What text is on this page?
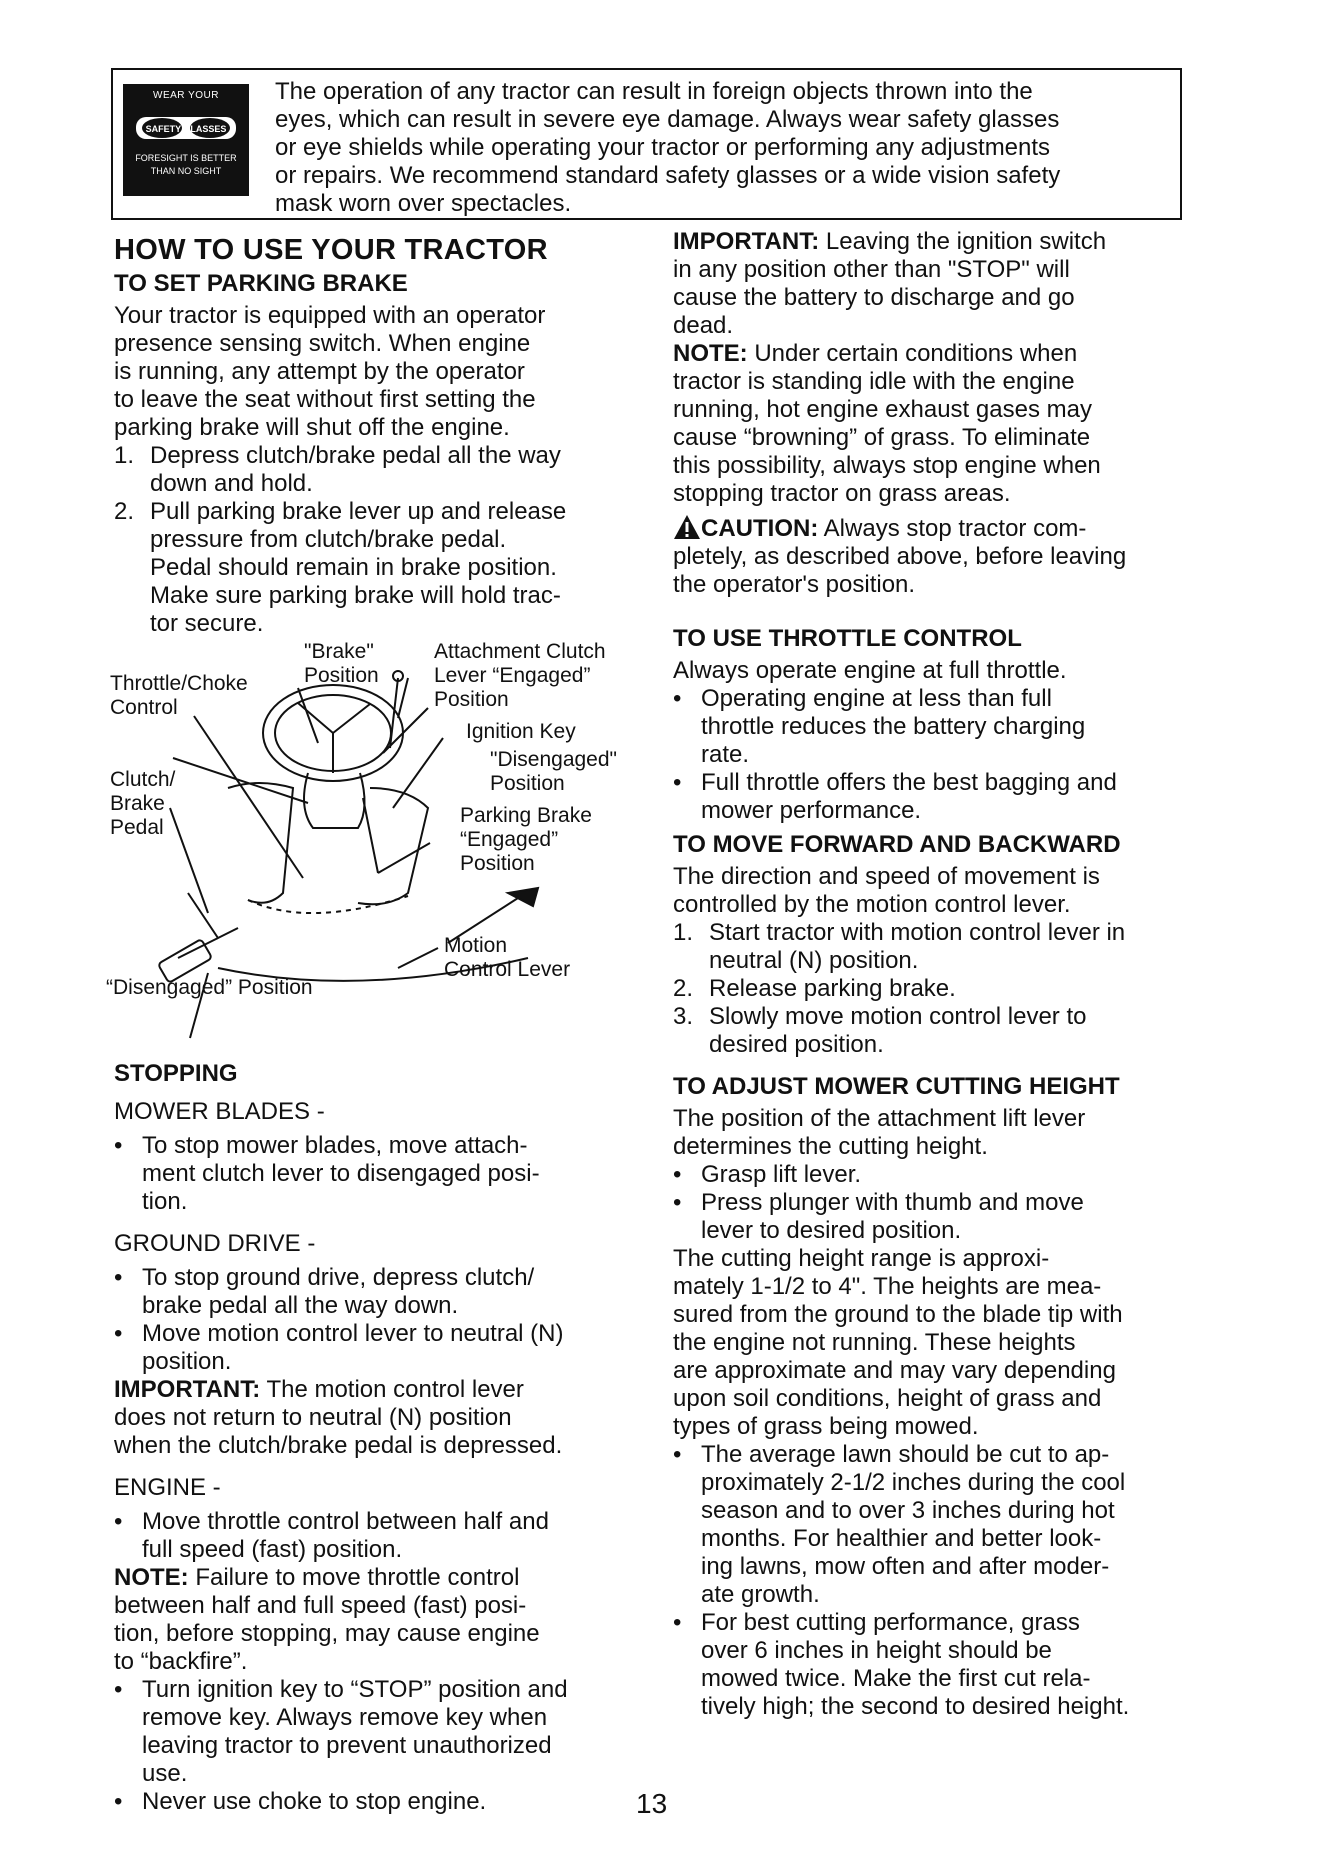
WEAR YOUR
SAFETY GLASSES
FORESIGHT IS BETTER
THAN NO SIGHT
The operation of any tractor can result in foreign objects thrown into the
eyes, which can result in severe eye damage. Always wear safety glasses
or eye shields while operating your tractor or performing any adjustments
or repairs. We recommend standard safety glasses or a wide vision safety
mask worn over spectacles.
HOW TO USE YOUR TRACTOR
TO SET PARKING BRAKE
Your tractor is equipped with an operator
presence sensing switch. When engine
is running, any attempt by the operator
to leave the seat without first setting the
parking brake will shut off the engine.
1. Depress clutch/brake pedal all the way
down and hold.
2. Pull parking brake lever up and release
pressure from clutch/brake pedal.
Pedal should remain in brake position.
Make sure parking brake will hold trac-
tor secure.
"Brake"
Position
Attachment Clutch
Lever “Engaged”
Position
Throttle/Choke
Control
Ignition Key
"Disengaged"
Position
Clutch/
Brake
Pedal
Parking Brake
“Engaged”
Position
Motion
Control Lever
“Disengaged” Position
STOPPING
MOWER BLADES -
• To stop mower blades, move attach-
ment clutch lever to disengaged posi-
tion.
GROUND DRIVE -
• To stop ground drive, depress clutch/
brake pedal all the way down.
• Move motion control lever to neutral (N)
position.
IMPORTANT: The motion control lever
does not return to neutral (N) position
when the clutch/brake pedal is depressed.
ENGINE -
• Move throttle control between half and
full speed (fast) position.
NOTE: Failure to move throttle control
between half and full speed (fast) posi-
tion, before stopping, may cause engine
to “backfire”.
• Turn ignition key to “STOP” position and
remove key. Always remove key when
leaving tractor to prevent unauthorized
use.
• Never use choke to stop engine.	13
IMPORTANT: Leaving the ignition switch
in any position other than "STOP" will
cause the battery to discharge and go
dead.
NOTE: Under certain conditions when
tractor is standing idle with the engine
running, hot engine exhaust gases may
cause “browning” of grass. To eliminate
this possibility, always stop engine when
stopping tractor on grass areas.
CAUTION: Always stop tractor com-
pletely, as described above, before leaving
the operator's position.
TO USE THROTTLE CONTROL
Always operate engine at full throttle.
• Operating engine at less than full
throttle reduces the battery charging
rate.
• Full throttle offers the best bagging and
mower performance.
TO MOVE FORWARD AND BACKWARD
The direction and speed of movement is
controlled by the motion control lever.
1. Start tractor with motion control lever in
neutral (N) position.
2. Release parking brake.
3. Slowly move motion control lever to
desired position.
TO ADJUST MOWER CUTTING HEIGHT
The position of the attachment lift lever
determines the cutting height.
• Grasp lift lever.
• Press plunger with thumb and move
lever to desired position.
The cutting height range is approxi-
mately 1-1/2 to 4". The heights are mea-
sured from the ground to the blade tip with
the engine not running. These heights
are approximate and may vary depending
upon soil conditions, height of grass and
types of grass being mowed.
• The average lawn should be cut to ap-
proximately 2-1/2 inches during the cool
season and to over 3 inches during hot
months. For healthier and better look-
ing lawns, mow often and after moder-
ate growth.
• For best cutting performance, grass
over 6 inches in height should be
mowed twice. Make the first cut rela-
tively high; the second to desired height.
